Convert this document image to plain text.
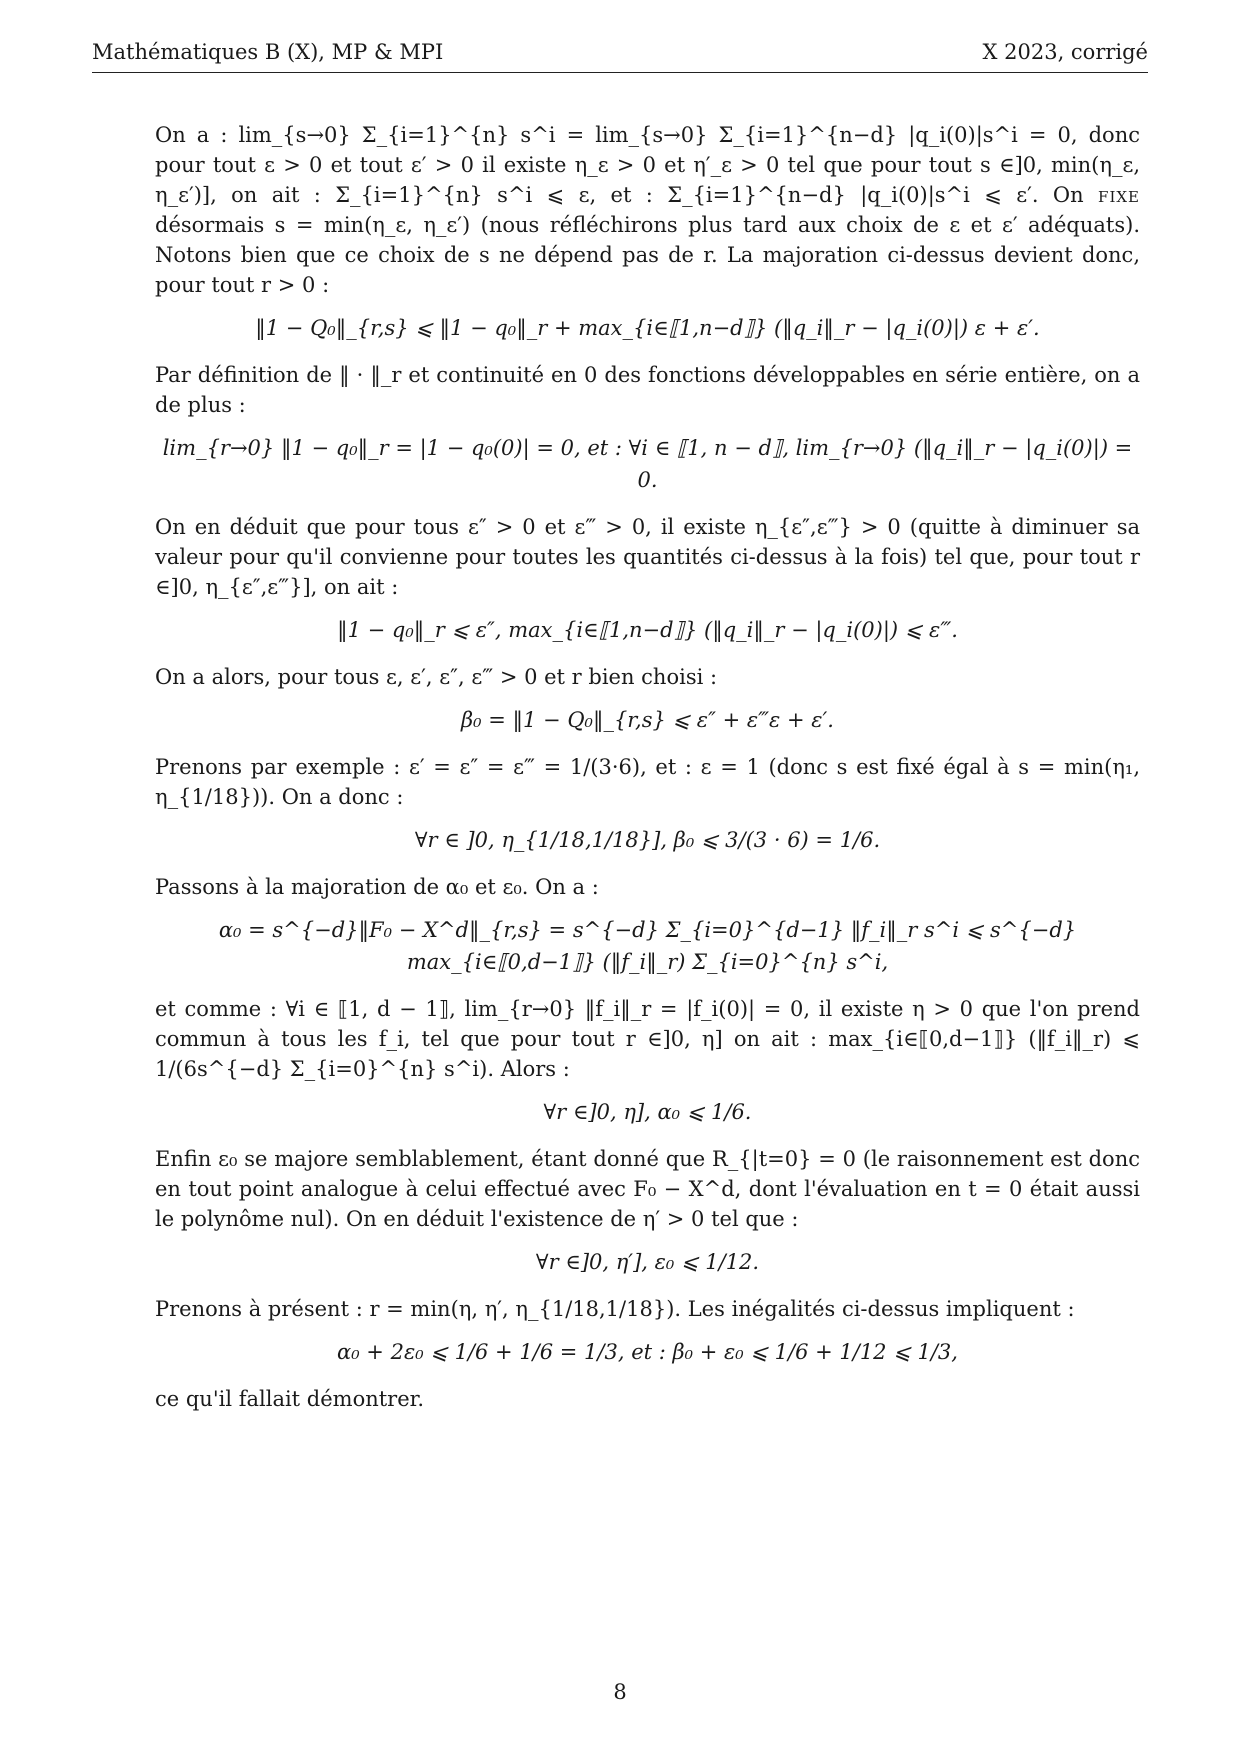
Mathématiques B (X), MP & MPI	X 2023, corrigé

On a : lim_{s→0} Σ_{i=1}^{n} s^i = lim_{s→0} Σ_{i=1}^{n−d} |q_i(0)|s^i = 0, donc pour tout ε > 0 et tout ε′ > 0 il existe η_ε > 0 et η′_ε > 0 tel que pour tout s ∈]0, min(η_ε, η_ε′)], on ait : Σ_{i=1}^{n} s^i ⩽ ε, et : Σ_{i=1}^{n−d} |q_i(0)|s^i ⩽ ε′. On fixe désormais s = min(η_ε, η_ε′) (nous réfléchirons plus tard aux choix de ε et ε′ adéquats). Notons bien que ce choix de s ne dépend pas de r. La majoration ci-dessus devient donc, pour tout r > 0 :

‖1 − Q₀‖_{r,s} ⩽ ‖1 − q₀‖_r + max_{i∈⟦1,n−d⟧} (‖q_i‖_r − |q_i(0)|) ε + ε′.

Par définition de ‖ · ‖_r et continuité en 0 des fonctions développables en série entière, on a de plus :

lim_{r→0} ‖1 − q₀‖_r = |1 − q₀(0)| = 0, et : ∀i ∈ ⟦1, n − d⟧, lim_{r→0} (‖q_i‖_r − |q_i(0)|) = 0.

On en déduit que pour tous ε″ > 0 et ε‴ > 0, il existe η_{ε″,ε‴} > 0 (quitte à diminuer sa valeur pour qu'il convienne pour toutes les quantités ci-dessus à la fois) tel que, pour tout r ∈]0, η_{ε″,ε‴}], on ait :

‖1 − q₀‖_r ⩽ ε″, max_{i∈⟦1,n−d⟧} (‖q_i‖_r − |q_i(0)|) ⩽ ε‴.

On a alors, pour tous ε, ε′, ε″, ε‴ > 0 et r bien choisi :

β₀ = ‖1 − Q₀‖_{r,s} ⩽ ε″ + ε‴ε + ε′.

Prenons par exemple : ε′ = ε″ = ε‴ = 1/(3·6), et : ε = 1 (donc s est fixé égal à s = min(η₁, η_{1/18})). On a donc :

∀r ∈ ]0, η_{1/18,1/18}], β₀ ⩽ 3/(3 · 6) = 1/6.

Passons à la majoration de α₀ et ε₀. On a :

α₀ = s^{−d}‖F₀ − X^d‖_{r,s} = s^{−d} Σ_{i=0}^{d−1} ‖f_i‖_r s^i ⩽ s^{−d} max_{i∈⟦0,d−1⟧} (‖f_i‖_r) Σ_{i=0}^{n} s^i,

et comme : ∀i ∈ ⟦1, d − 1⟧, lim_{r→0} ‖f_i‖_r = |f_i(0)| = 0, il existe η > 0 que l'on prend commun à tous les f_i, tel que pour tout r ∈]0, η] on ait : max_{i∈⟦0,d−1⟧} (‖f_i‖_r) ⩽ 1/(6s^{−d} Σ_{i=0}^{n} s^i). Alors :

∀r ∈]0, η], α₀ ⩽ 1/6.

Enfin ε₀ se majore semblablement, étant donné que R_{|t=0} = 0 (le raisonnement est donc en tout point analogue à celui effectué avec F₀ − X^d, dont l'évaluation en t = 0 était aussi le polynôme nul). On en déduit l'existence de η′ > 0 tel que :

∀r ∈]0, η′], ε₀ ⩽ 1/12.

Prenons à présent : r = min(η, η′, η_{1/18,1/18}). Les inégalités ci-dessus impliquent :

α₀ + 2ε₀ ⩽ 1/6 + 1/6 = 1/3, et : β₀ + ε₀ ⩽ 1/6 + 1/12 ⩽ 1/3,

ce qu'il fallait démontrer.

8
